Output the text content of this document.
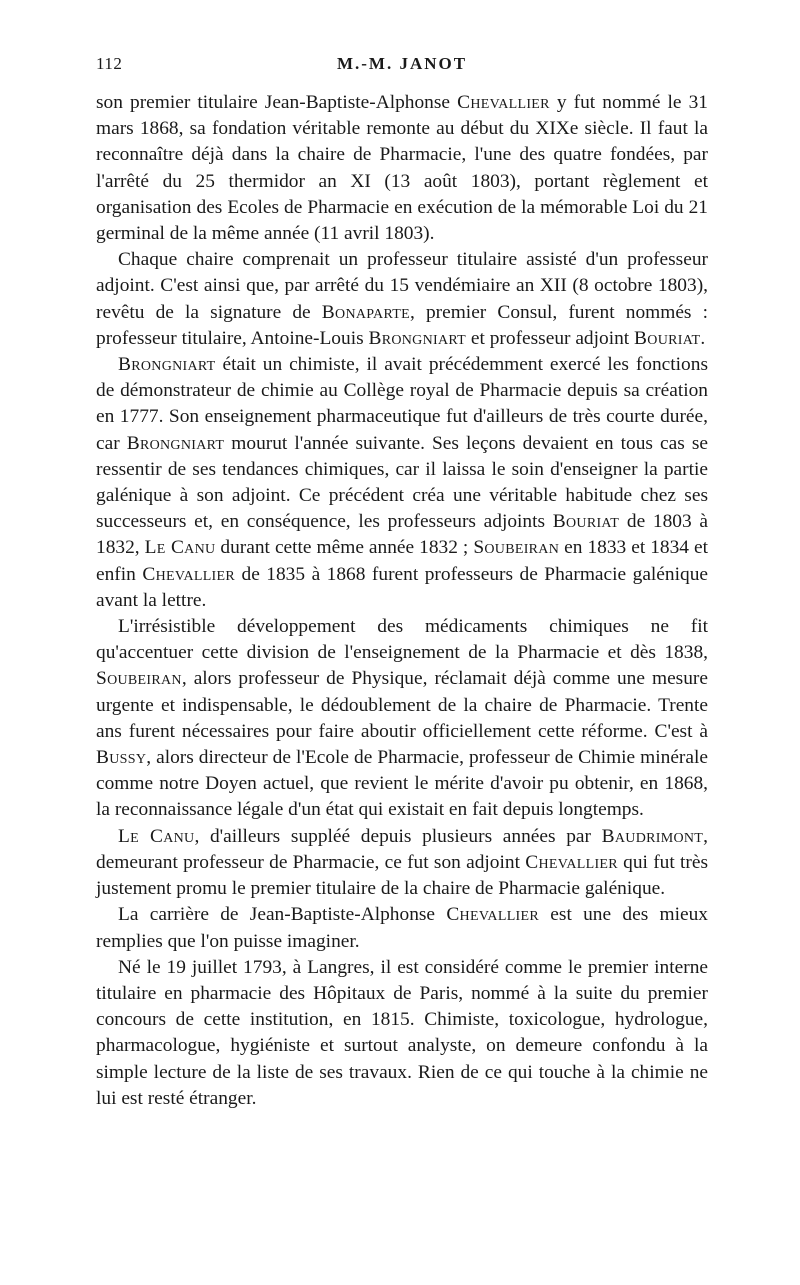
112	M.-M. JANOT

son premier titulaire Jean-Baptiste-Alphonse Chevallier y fut nommé le 31 mars 1868, sa fondation véritable remonte au début du XIXe siècle. Il faut la reconnaître déjà dans la chaire de Pharmacie, l'une des quatre fondées, par l'arrêté du 25 thermidor an XI (13 août 1803), portant règlement et organisation des Ecoles de Pharmacie en exécution de la mémorable Loi du 21 germinal de la même année (11 avril 1803).

Chaque chaire comprenait un professeur titulaire assisté d'un professeur adjoint. C'est ainsi que, par arrêté du 15 vendémiaire an XII (8 octobre 1803), revêtu de la signature de Bonaparte, premier Consul, furent nommés : professeur titulaire, Antoine-Louis Brongniart et professeur adjoint Bouriat.

Brongniart était un chimiste, il avait précédemment exercé les fonctions de démonstrateur de chimie au Collège royal de Pharmacie depuis sa création en 1777. Son enseignement pharmaceutique fut d'ailleurs de très courte durée, car Brongniart mourut l'année suivante. Ses leçons devaient en tous cas se ressentir de ses tendances chimiques, car il laissa le soin d'enseigner la partie galénique à son adjoint. Ce précédent créa une véritable habitude chez ses successeurs et, en conséquence, les professeurs adjoints Bouriat de 1803 à 1832, Le Canu durant cette même année 1832 ; Soubeiran en 1833 et 1834 et enfin Chevallier de 1835 à 1868 furent professeurs de Pharmacie galénique avant la lettre.

L'irrésistible développement des médicaments chimiques ne fit qu'accentuer cette division de l'enseignement de la Pharmacie et dès 1838, Soubeiran, alors professeur de Physique, réclamait déjà comme une mesure urgente et indispensable, le dédoublement de la chaire de Pharmacie. Trente ans furent nécessaires pour faire aboutir officiellement cette réforme. C'est à Bussy, alors directeur de l'Ecole de Pharmacie, professeur de Chimie minérale comme notre Doyen actuel, que revient le mérite d'avoir pu obtenir, en 1868, la reconnaissance légale d'un état qui existait en fait depuis longtemps.

Le Canu, d'ailleurs suppléé depuis plusieurs années par Baudrimont, demeurant professeur de Pharmacie, ce fut son adjoint Chevallier qui fut très justement promu le premier titulaire de la chaire de Pharmacie galénique.

La carrière de Jean-Baptiste-Alphonse Chevallier est une des mieux remplies que l'on puisse imaginer.

Né le 19 juillet 1793, à Langres, il est considéré comme le premier interne titulaire en pharmacie des Hôpitaux de Paris, nommé à la suite du premier concours de cette institution, en 1815. Chimiste, toxicologue, hydrologue, pharmacologue, hygiéniste et surtout analyste, on demeure confondu à la simple lecture de la liste de ses travaux. Rien de ce qui touche à la chimie ne lui est resté étranger.
